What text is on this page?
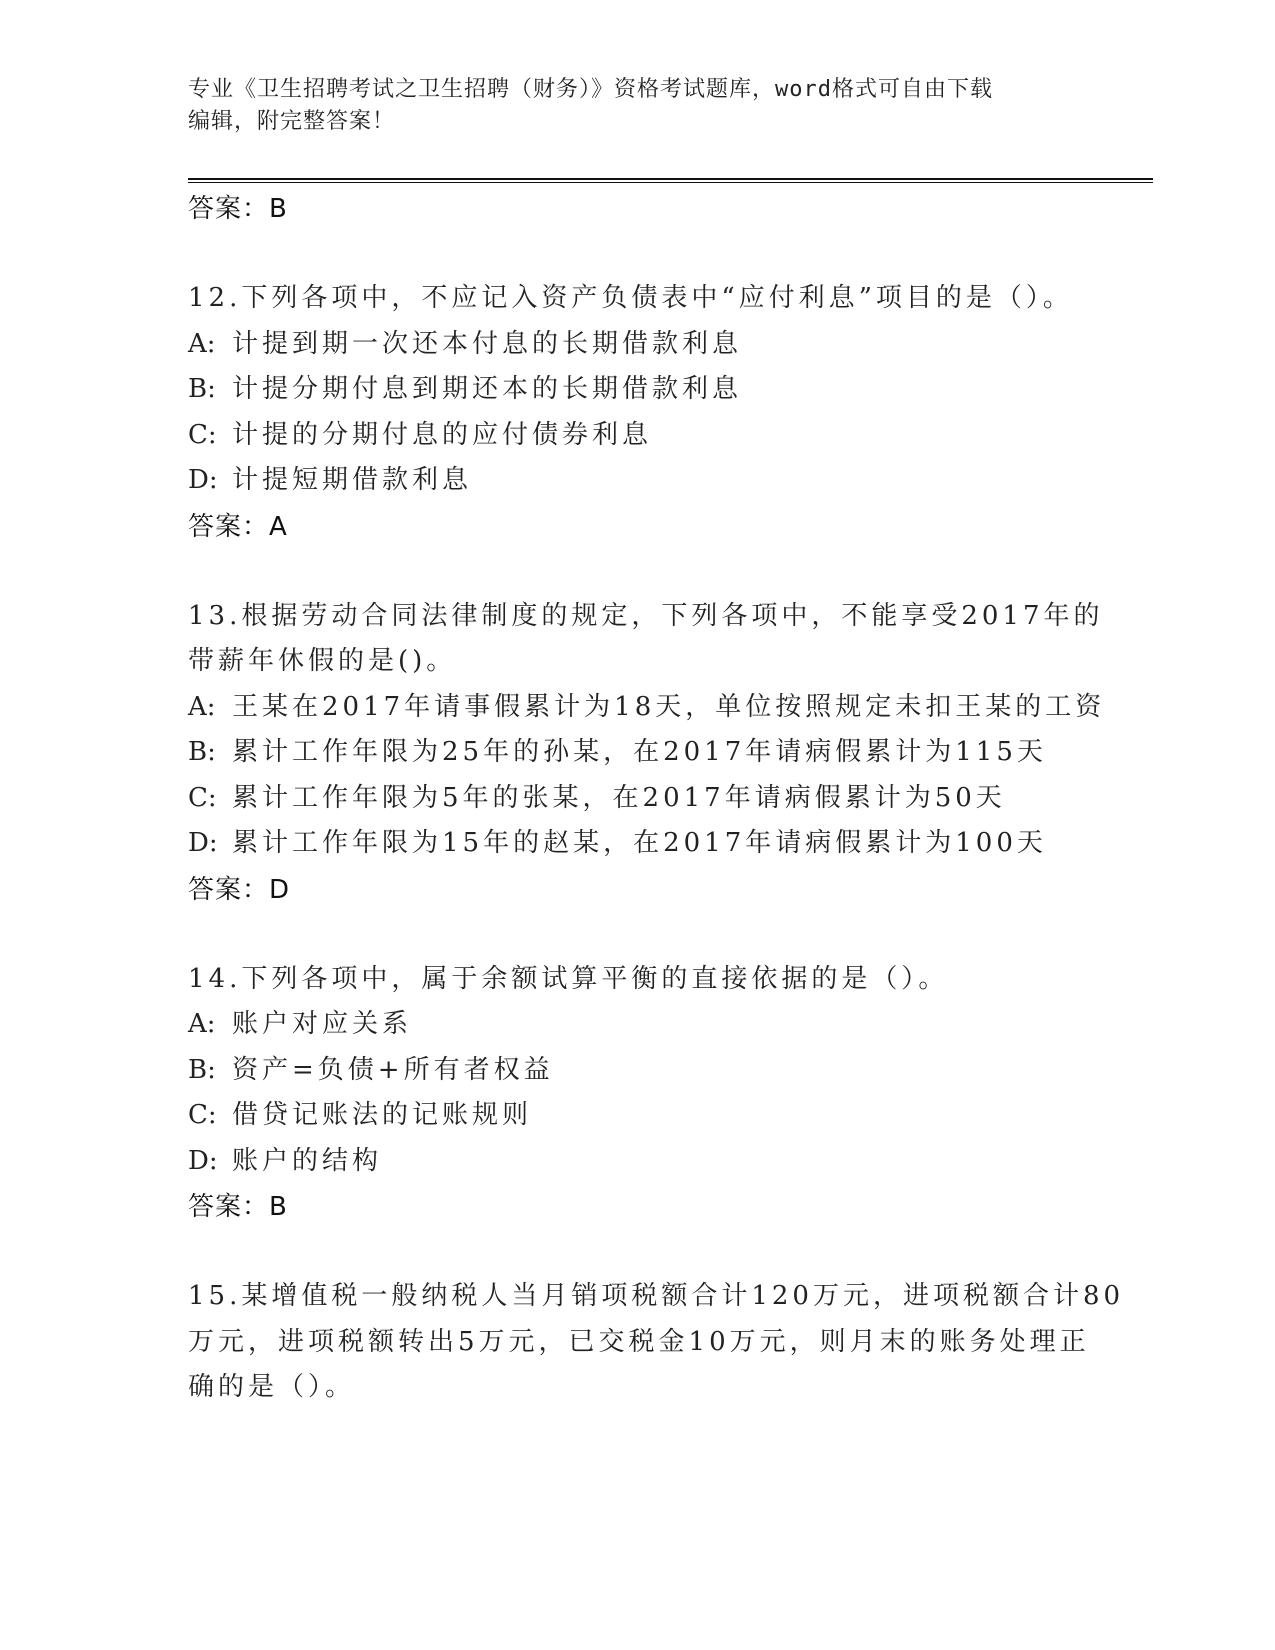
专业《卫生招聘考试之卫生招聘（财务）》资格考试题库，word格式可自由下载
编辑，附完整答案！
答案：B
12.下列各项中，不应记入资产负债表中“应付利息”项目的是（）。
A: 计提到期一次还本付息的长期借款利息
B: 计提分期付息到期还本的长期借款利息
C: 计提的分期付息的应付债券利息
D: 计提短期借款利息
答案：A
13.根据劳动合同法律制度的规定，下列各项中，不能享受2017年的
带薪年休假的是()。
A: 王某在2017年请事假累计为18天，单位按照规定未扣王某的工资
B: 累计工作年限为25年的孙某，在2017年请病假累计为115天
C: 累计工作年限为5年的张某，在2017年请病假累计为50天
D: 累计工作年限为15年的赵某，在2017年请病假累计为100天
答案：D
14.下列各项中，属于余额试算平衡的直接依据的是（）。
A: 账户对应关系
B: 资产=负债+所有者权益
C: 借贷记账法的记账规则
D: 账户的结构
答案：B
15.某增值税一般纳税人当月销项税额合计120万元，进项税额合计80
万元，进项税额转出5万元，已交税金10万元，则月末的账务处理正
确的是（）。
